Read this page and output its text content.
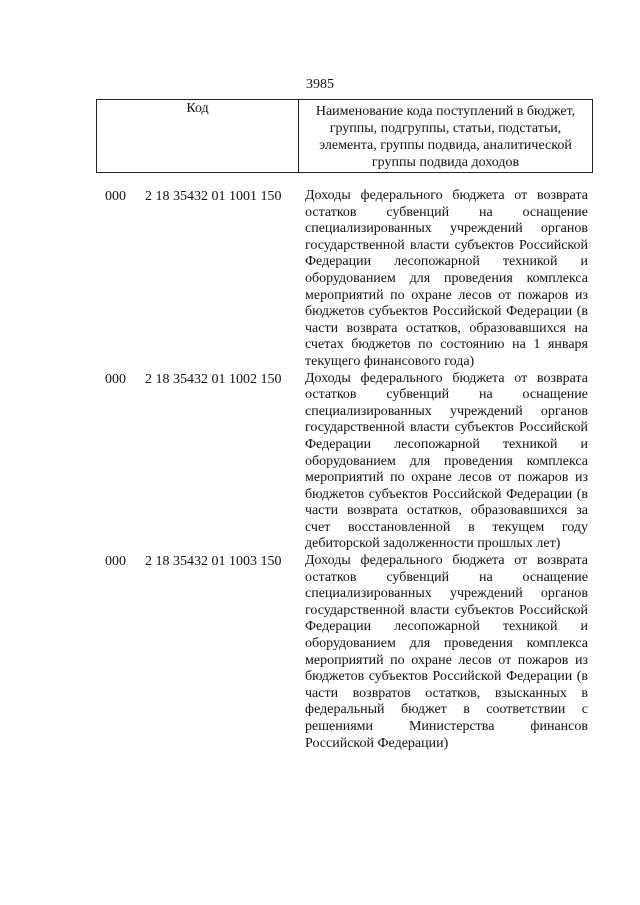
3985
Код	Наименование кода поступлений в бюджет, группы, подгруппы, статьи, подстатьи, элемента, группы подвида, аналитической группы подвида доходов
000 2 18 35432 01 1001 150 Доходы федерального бюджета от возврата остатков субвенций на оснащение специализированных учреждений органов государственной власти субъектов Российской Федерации лесопожарной техникой и оборудованием для проведения комплекса мероприятий по охране лесов от пожаров из бюджетов субъектов Российской Федерации (в части возврата остатков, образовавшихся на счетах бюджетов по состоянию на 1 января текущего финансового года)
000 2 18 35432 01 1002 150 Доходы федерального бюджета от возврата остатков субвенций на оснащение специализированных учреждений органов государственной власти субъектов Российской Федерации лесопожарной техникой и оборудованием для проведения комплекса мероприятий по охране лесов от пожаров из бюджетов субъектов Российской Федерации (в части возврата остатков, образовавшихся за счет восстановленной в текущем году дебиторской задолженности прошлых лет)
000 2 18 35432 01 1003 150 Доходы федерального бюджета от возврата остатков субвенций на оснащение специализированных учреждений органов государственной власти субъектов Российской Федерации лесопожарной техникой и оборудованием для проведения комплекса мероприятий по охране лесов от пожаров из бюджетов субъектов Российской Федерации (в части возвратов остатков, взысканных в федеральный бюджет в соответствии с решениями Министерства финансов Российской Федерации)
